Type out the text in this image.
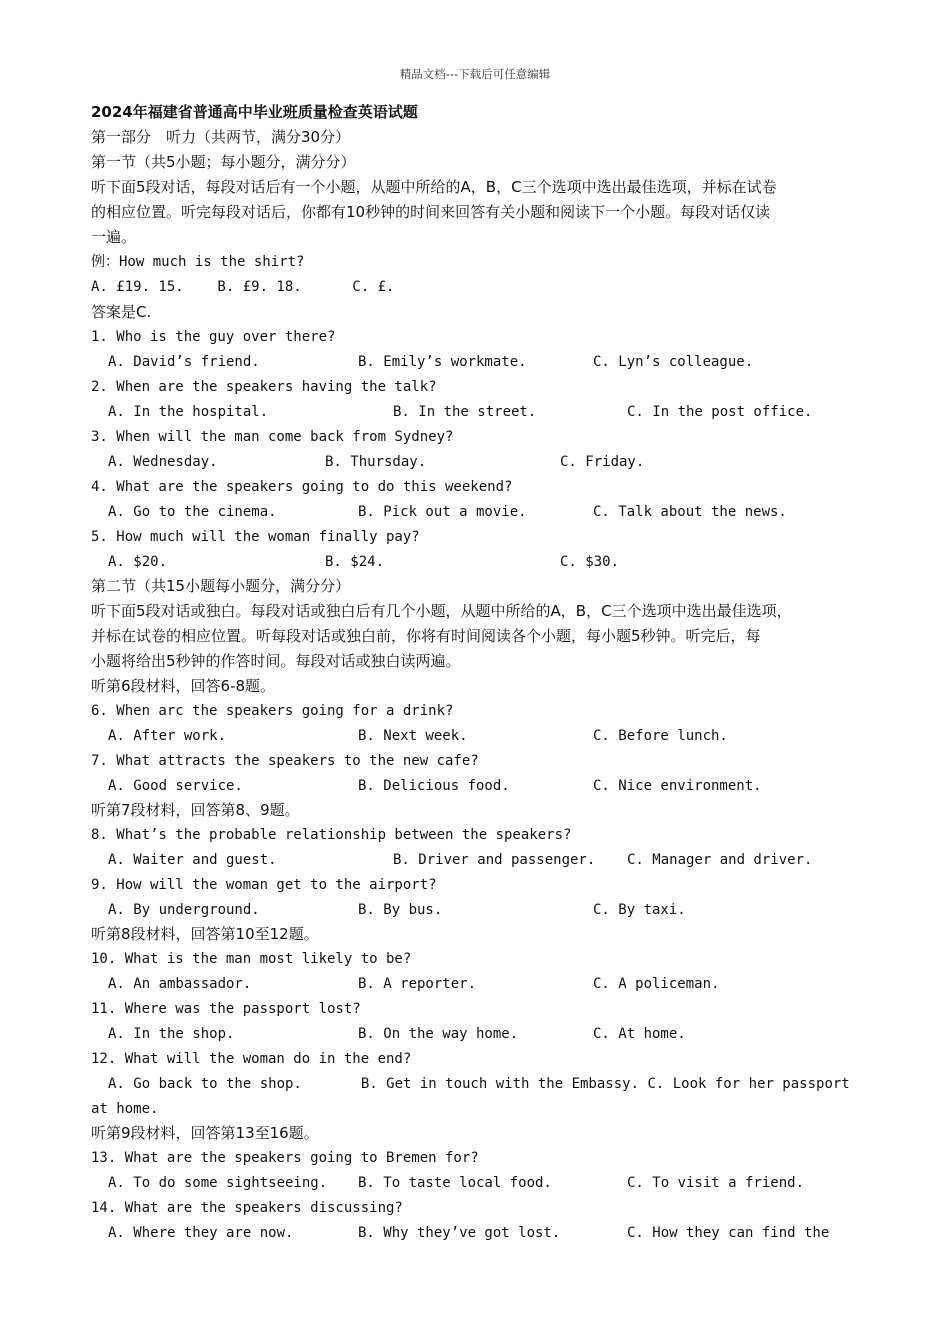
精品文档---下载后可任意编辑
2024年福建省普通高中毕业班质量检查英语试题
第一部分　听力（共两节，满分30分）
第一节（共5小题；每小题分，满分分）
听下面5段对话，每段对话后有一个小题，从题中所给的A，B，C三个选项中选出最佳选项，并标在试卷
的相应位置。听完每段对话后，你都有10秒钟的时间来回答有关小题和阅读下一个小题。每段对话仅读
一遍。
例：How much is the shirt?
A. £19. 15.    B. £9. 18.      C. £.
答案是C.
1. Who is the guy over there?
A. David’s friend.	B. Emily’s workmate.	C. Lyn’s colleague.
2. When are the speakers having the talk?
A. In the hospital.	B. In the street.	C. In the post office.
3. When will the man come back from Sydney?
A. Wednesday.	B. Thursday.	C. Friday.
4. What are the speakers going to do this weekend?
A. Go to the cinema.	B. Pick out a movie.	C. Talk about the news.
5. How much will the woman finally pay?
A. $20.	B. $24.	C. $30.
第二节（共15小题每小题分，满分分）
听下面5段对话或独白。每段对话或独白后有几个小题，从题中所给的A，B，C三个选项中选出最佳选项，
并标在试卷的相应位置。听每段对话或独白前，你将有时间阅读各个小题，每小题5秒钟。听完后，每
小题将给出5秒钟的作答时间。每段对话或独白读两遍。
听第6段材料，回答6-8题。
6. When arc the speakers going for a drink?
A. After work.	B. Next week.	C. Before lunch.
7. What attracts the speakers to the new cafe?
A. Good service.	B. Delicious food.	C. Nice environment.
听第7段材料，回答第8、9题。
8. What’s the probable relationship between the speakers?
A. Waiter and guest.	B. Driver and passenger. C. Manager and driver.
9. How will the woman get to the airport?
A. By underground.	B. By bus.	C. By taxi.
听第8段材料，回答第10至12题。
10. What is the man most likely to be?
A. An ambassador.	B. A reporter.	C. A policeman.
11. Where was the passport lost?
A. In the shop.	B. On the way home.	C. At home.
12. What will the woman do in the end?
A. Go back to the shop.       B. Get in touch with the Embassy. C. Look for her passport
at home.
听第9段材料，回答第13至16题。
13. What are the speakers going to Bremen for?
A. To do some sightseeing. B. To taste local food.	C. To visit a friend.
14. What are the speakers discussing?
A. Where they are now.	B. Why they’ve got lost.	C. How they can find the
